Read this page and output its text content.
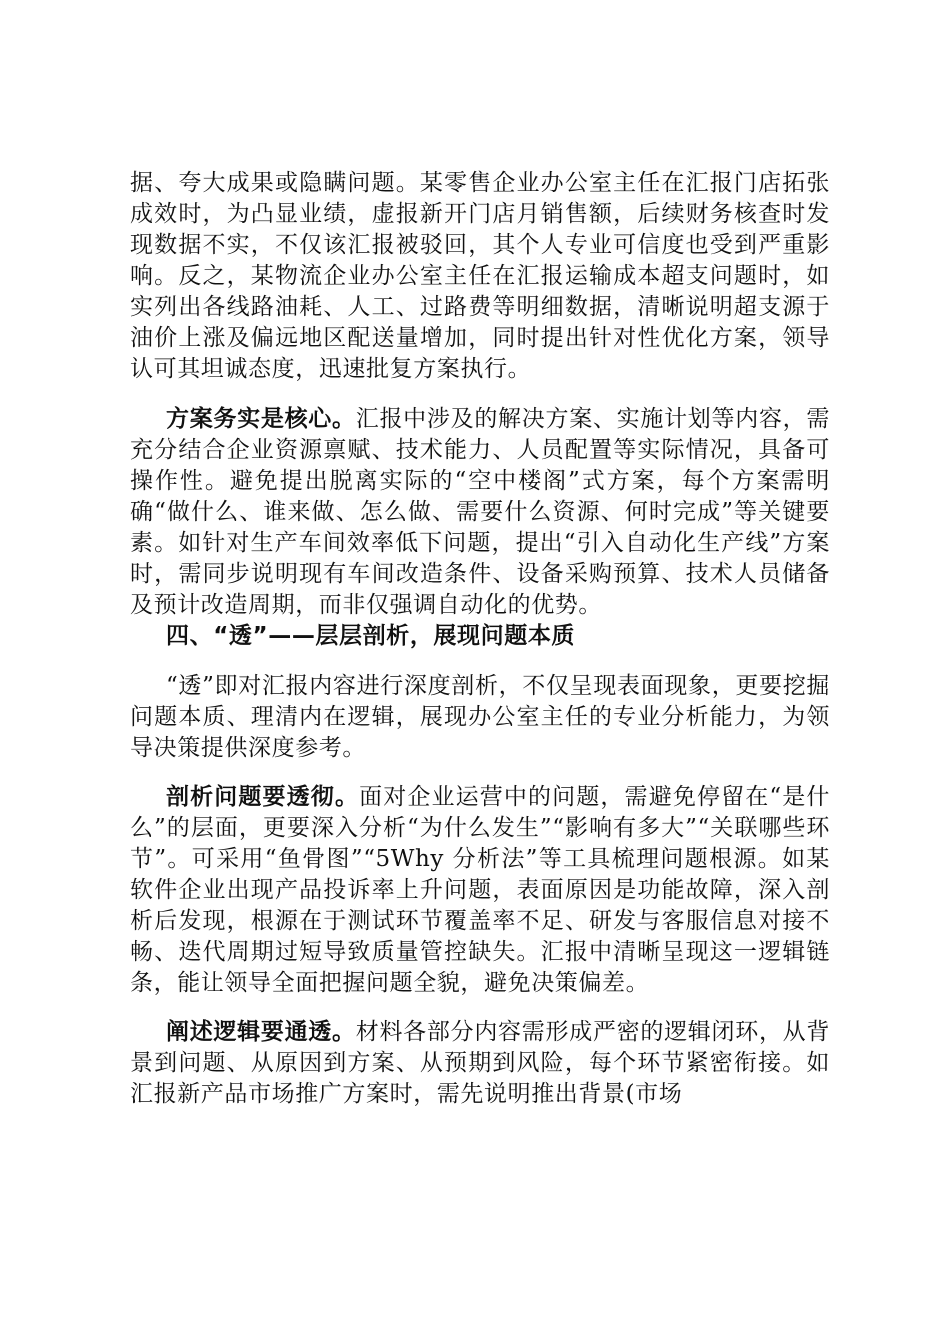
据、夸大成果或隐瞒问题。某零售企业办公室主任在汇报门店拓张成效时，为凸显业绩，虚报新开门店月销售额，后续财务核查时发现数据不实，不仅该汇报被驳回，其个人专业可信度也受到严重影响。反之，某物流企业办公室主任在汇报运输成本超支问题时，如实列出各线路油耗、人工、过路费等明细数据，清晰说明超支源于油价上涨及偏远地区配送量增加，同时提出针对性优化方案，领导认可其坦诚态度，迅速批复方案执行。

方案务实是核心。汇报中涉及的解决方案、实施计划等内容，需充分结合企业资源禀赋、技术能力、人员配置等实际情况，具备可操作性。避免提出脱离实际的“空中楼阁”式方案，每个方案需明确“做什么、谁来做、怎么做、需要什么资源、何时完成”等关键要素。如针对生产车间效率低下问题，提出“引入自动化生产线”方案时，需同步说明现有车间改造条件、设备采购预算、技术人员储备及预计改造周期，而非仅强调自动化的优势。

四、“透”——层层剖析，展现问题本质

“透”即对汇报内容进行深度剖析，不仅呈现表面现象，更要挖掘问题本质、理清内在逻辑，展现办公室主任的专业分析能力，为领导决策提供深度参考。

剖析问题要透彻。面对企业运营中的问题，需避免停留在“是什么”的层面，更要深入分析“为什么发生”“影响有多大”“关联哪些环节”。可采用“鱼骨图”“5Why 分析法”等工具梳理问题根源。如某软件企业出现产品投诉率上升问题，表面原因是功能故障，深入剖析后发现，根源在于测试环节覆盖率不足、研发与客服信息对接不畅、迭代周期过短导致质量管控缺失。汇报中清晰呈现这一逻辑链条，能让领导全面把握问题全貌，避免决策偏差。

阐述逻辑要通透。材料各部分内容需形成严密的逻辑闭环，从背景到问题、从原因到方案、从预期到风险，每个环节紧密衔接。如汇报新产品市场推广方案时，需先说明推出背景(市场
